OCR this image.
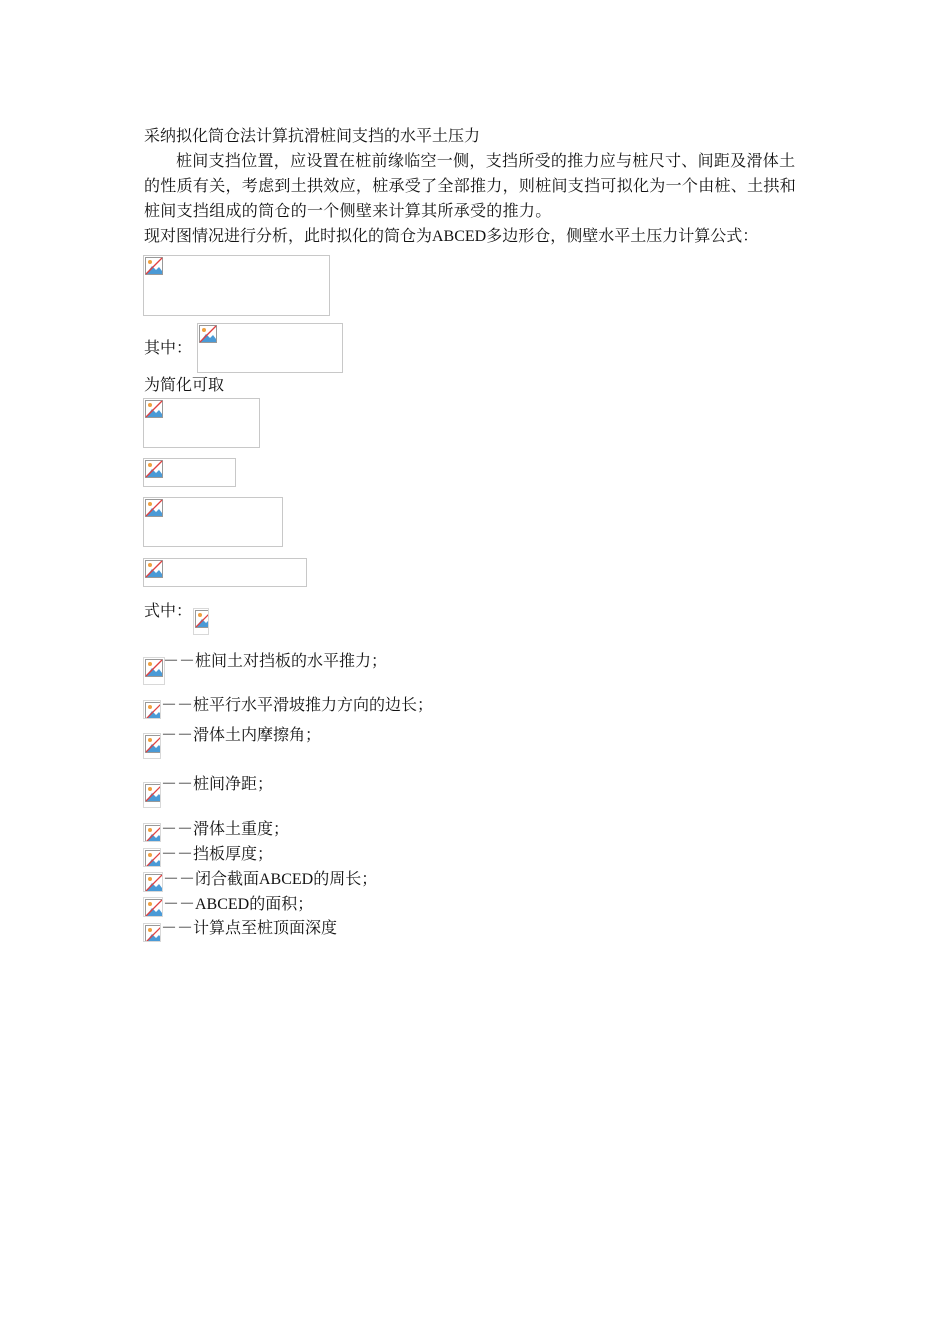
采纳拟化筒仓法计算抗滑桩间支挡的水平土压力
桩间支挡位置，应设置在桩前缘临空一侧，支挡所受的推力应与桩尺寸、间距及滑体土的性质有关，考虑到土拱效应，桩承受了全部推力，则桩间支挡可拟化为一个由桩、土拱和桩间支挡组成的筒仓的一个侧壁来计算其所承受的推力。
现对图情况进行分析，此时拟化的筒仓为ABCED多边形仓，侧壁水平土压力计算公式：
其中：
为简化可取
式中：
－－桩间土对挡板的水平推力；
－－桩平行水平滑坡推力方向的边长；
－－滑体土内摩擦角；
－－桩间净距；
－－滑体土重度；
－－挡板厚度；
－－闭合截面ABCED的周长；
－－ABCED的面积；
－－计算点至桩顶面深度
